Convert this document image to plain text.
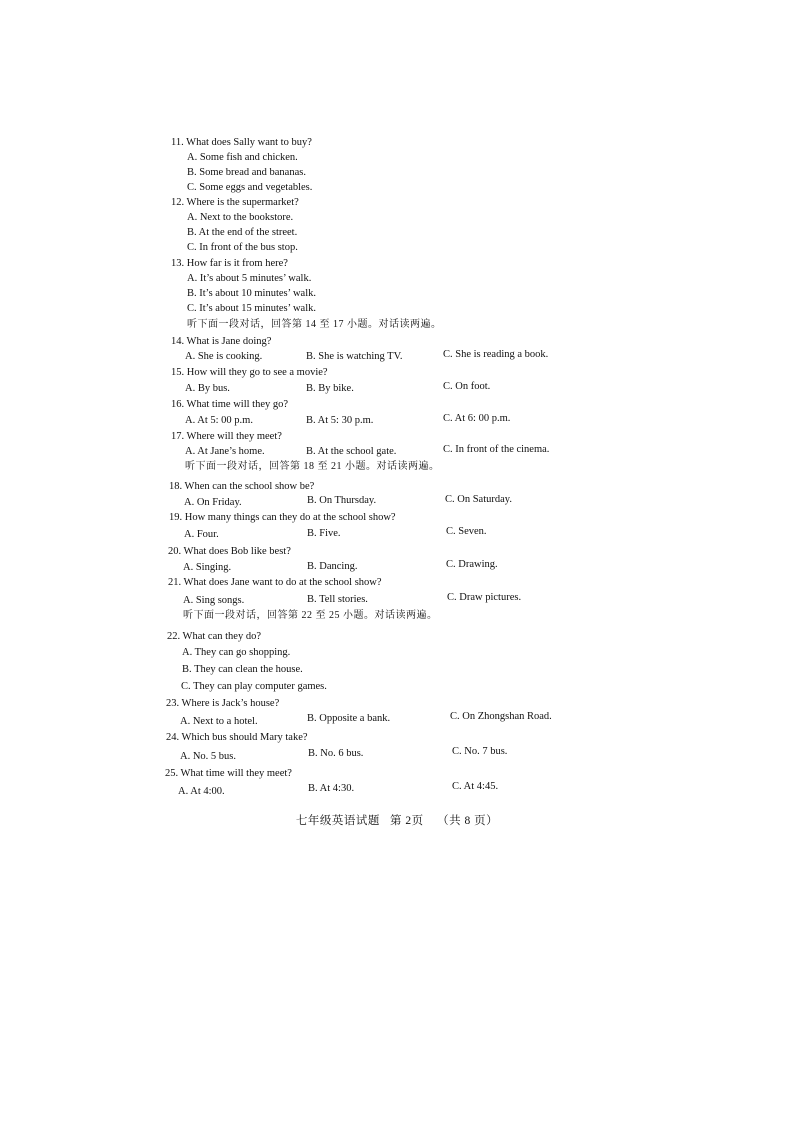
11. What does Sally want to buy?
A. Some fish and chicken.
B. Some bread and bananas.
C. Some eggs and vegetables.
12. Where is the supermarket?
A. Next to the bookstore.
B. At the end of the street.
C. In front of the bus stop.
13. How far is it from here?
A. It’s about 5 minutes’ walk.
B. It’s about 10 minutes’ walk.
C. It’s about 15 minutes’ walk.
听下面一段对话，回答第 14 至 17 小题。对话读两遍。
14. What is Jane doing?
A. She is cooking.	B. She is watching TV.	C. She is reading a book.
15. How will they go to see a movie?
A. By bus.	B. By bike.	C. On foot.
16. What time will they go?
A. At 5: 00 p.m.	B. At 5: 30 p.m.	C. At 6: 00 p.m.
17. Where will they meet?
A. At Jane’s home.	B. At the school gate.	C. In front of the cinema.
听下面一段对话，回答第 18 至 21 小题。对话读两遍。
18. When can the school show be?
A. On Friday.	B. On Thursday.	C. On Saturday.
19. How many things can they do at the school show?
A. Four.	B. Five.	C. Seven.
20. What does Bob like best?
A. Singing.	B. Dancing.	C. Drawing.
21. What does Jane want to do at the school show?
A. Sing songs.	B. Tell stories.	C. Draw pictures.
听下面一段对话，回答第 22 至 25 小题。对话读两遍。
22. What can they do?
A. They can go shopping.
B. They can clean the house.
C. They can play computer games.
23. Where is Jack’s house?
A. Next to a hotel.	B. Opposite a bank.	C. On Zhongshan Road.
24. Which bus should Mary take?
A. No. 5 bus.	B. No. 6 bus.	C. No. 7 bus.
25. What time will they meet?
A. At 4:00.	B. At 4:30.	C. At 4:45.
七年级英语试题 第 2页 （共 8 页）
